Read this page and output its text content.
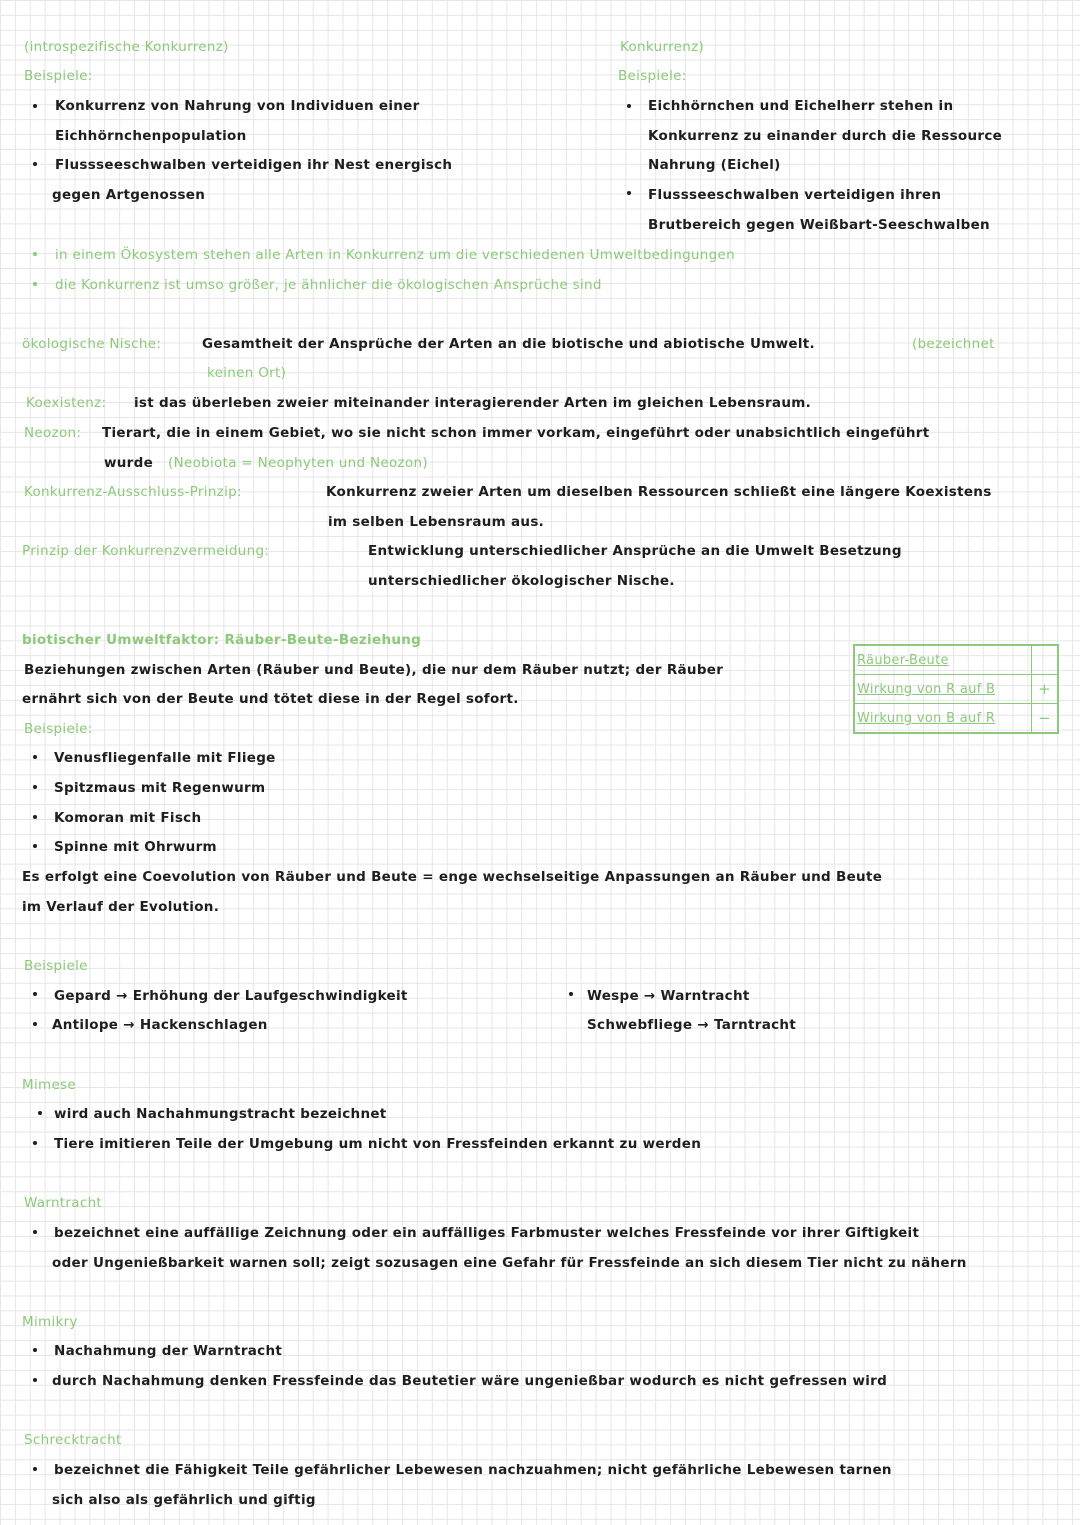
(introspezifische Konkurrenz)	Konkurrenz)
Beispiele:	Beispiele:
Konkurrenz von Nahrung von Individuen einer
Eichhörnchenpopulation
Flussseeschwalben verteidigen ihr Nest energisch
gegen Artgenossen
Eichhörnchen und Eichelherr stehen in
Konkurrenz zu einander durch die Ressource
Nahrung (Eichel)
Flussseeschwalben verteidigen ihren
Brutbereich gegen Weißbart-Seeschwalben
in einem Ökosystem stehen alle Arten in Konkurrenz um die verschiedenen Umweltbedingungen
die Konkurrenz ist umso größer, je ähnlicher die ökologischen Ansprüche sind
ökologische Nische:	Gesamtheit der Ansprüche der Arten an die biotische und abiotische Umwelt.	(bezeichnet
keinen Ort)
Koexistenz: ist das überleben zweier miteinander interagierender Arten im gleichen Lebensraum.
Neozon: Tierart, die in einem Gebiet, wo sie nicht schon immer vorkam, eingeführt oder unabsichtlich eingeführt
wurde (Neobiota = Neophyten und Neozon)
Konkurrenz-Ausschluss-Prinzip:	Konkurrenz zweier Arten um dieselben Ressourcen schließt eine längere Koexistens
im selben Lebensraum aus.
Prinzip der Konkurrenzvermeidung:	Entwicklung unterschiedlicher Ansprüche an die Umwelt Besetzung
unterschiedlicher ökologischer Nische.
biotischer Umweltfaktor: Räuber-Beute-Beziehung
Beziehungen zwischen Arten (Räuber und Beute), die nur dem Räuber nutzt; der Räuber
ernährt sich von der Beute und tötet diese in der Regel sofort.
Beispiele:
Räuber-Beute
Wirkung von R auf B	+
Wirkung von B auf R	−
Venusfliegenfalle mit Fliege
Spitzmaus mit Regenwurm
Komoran mit Fisch
Spinne mit Ohrwurm
Es erfolgt eine Coevolution von Räuber und Beute = enge wechselseitige Anpassungen an Räuber und Beute
im Verlauf der Evolution.
Beispiele
Gepard → Erhöhung der Laufgeschwindigkeit
Antilope → Hackenschlagen
Wespe → Warntracht
Schwebfliege → Tarntracht
Mimese
wird auch Nachahmungstracht bezeichnet
Tiere imitieren Teile der Umgebung um nicht von Fressfeinden erkannt zu werden
Warntracht
bezeichnet eine auffällige Zeichnung oder ein auffälliges Farbmuster welches Fressfeinde vor ihrer Giftigkeit
oder Ungenießbarkeit warnen soll; zeigt sozusagen eine Gefahr für Fressfeinde an sich diesem Tier nicht zu nähern
Mimikry
Nachahmung der Warntracht
durch Nachahmung denken Fressfeinde das Beutetier wäre ungenießbar wodurch es nicht gefressen wird
Schrecktracht
bezeichnet die Fähigkeit Teile gefährlicher Lebewesen nachzuahmen; nicht gefährliche Lebewesen tarnen
sich also als gefährlich und giftig
